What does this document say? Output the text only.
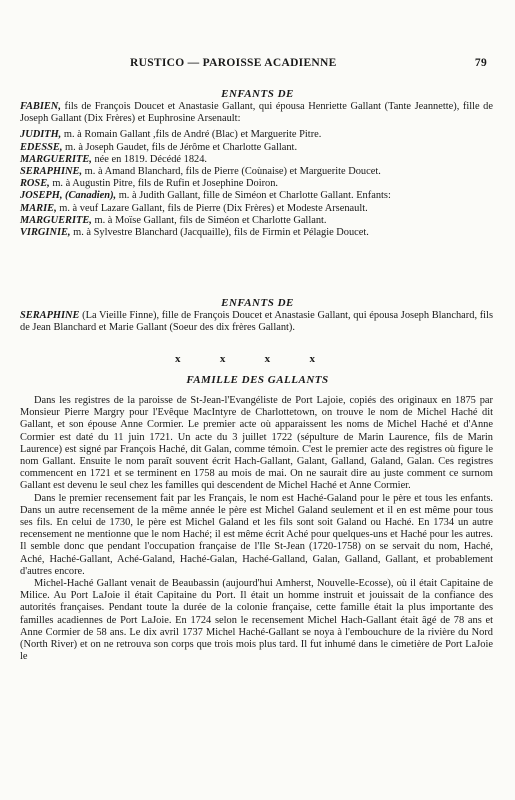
RUSTICO — PAROISSE ACADIENNE	79
ENFANTS DE

FABIEN, fils de François Doucet et Anastasie Gallant, qui épousa Henriette Gallant (Tante Jeannette), fille de Joseph Gallant (Dix Frères) et Euphrosine Arsenault:

JUDITH, m. à Romain Gallant ,fils de André (Blac) et Marguerite Pitre.

EDESSE, m. à Joseph Gaudet, fils de Jérôme et Charlotte Gallant.

MARGUERITE, née en 1819. Décédé 1824.

SERAPHINE, m. à Amand Blanchard, fils de Pierre (Coùnaise) et Marguerite Doucet.

ROSE, m. à Augustin Pitre, fils de Rufin et Josephine Doiron.

JOSEPH, (Canadien), m. à Judith Gallant, fille de Siméon et Charlotte Gallant. Enfants:

MARIE, m. à veuf Lazare Gallant, fils de Pierre (Dix Frères) et Modeste Arsenault.

MARGUERITE, m. à Moïse Gallant, fils de Siméon et Charlotte Gallant.

VIRGINIE, m. à Sylvestre Blanchard (Jacquaille), fils de Firmin et Pélagie Doucet.

ENFANTS DE

SERAPHINE (La Vieille Finne), fille de François Doucet et Anastasie Gallant, qui épousa Joseph Blanchard, fils de Jean Blanchard et Marie Gallant (Soeur des dix frères Gallant).

x	x	x	x
FAMILLE DES GALLANTS

Dans les registres de la paroisse de St-Jean-l'Evangéliste de Port Lajoie, copiés des originaux en 1875 par Monsieur Pierre Margry pour l'Evêque MacIntyre de Charlottetown, on trouve le nom de Michel Haché dit Gallant, et son épouse Anne Cormier. Le premier acte où apparaissent les noms de Michel Haché et d'Anne Cormier est daté du 11 juin 1721. Un acte du 3 juillet 1722 (sépulture de Marin Laurence, fils de Marin Laurence) est signé par François Haché, dit Galan, comme témoin. C'est le premier acte des registres où figure le nom Gallant. Ensuite le nom paraît souvent écrit Hach-Gallant, Galant, Galland, Galand, Galan. Ces registres commencent en 1721 et se terminent en 1758 au mois de mai. On ne saurait dire au juste comment ce surnom Gallant est devenu le seul chez les familles qui descendent de Michel Haché et Anne Cormier.

Dans le premier recensement fait par les Français, le nom est Haché-Galand pour le père et tous les enfants. Dans un autre recensement de la même année le père est Michel Galand seulement et il en est même pour tous ses fils. En celui de 1730, le père est Michel Galand et les fils sont soit Galand ou Haché. En 1734 un autre recensement ne mentionne que le nom Haché; il est même écrit Aché pour quelques-uns et Haché pour les autres. Il semble donc que pendant l'occupation française de l'Ile St-Jean (1720-1758) on se servait du nom, Haché, Aché, Haché-Gallant, Aché-Galand, Haché-Galan, Haché-Galland, Galan, Galland, Gallant, et probablement d'autres encore.

Michel-Haché Gallant venait de Beaubassin (aujourd'hui Amherst, Nouvelle-Ecosse), où il était Capitaine de Milice. Au Port LaJoie il était Capitaine du Port. Il était un homme instruit et jouissait de la confiance des autorités françaises. Pendant toute la durée de la colonie française, cette famille était la plus importante des familles acadiennes de Port LaJoie. En 1724 selon le recensement Michel Hach-Gallant était âgé de 78 ans et Anne Cormier de 58 ans. Le dix avril 1737 Michel Haché-Gallant se noya à l'embouchure de la rivière du Nord (North River) et on ne retrouva son corps que trois mois plus tard. Il fut inhumé dans le cimetière de Port LaJoie le
